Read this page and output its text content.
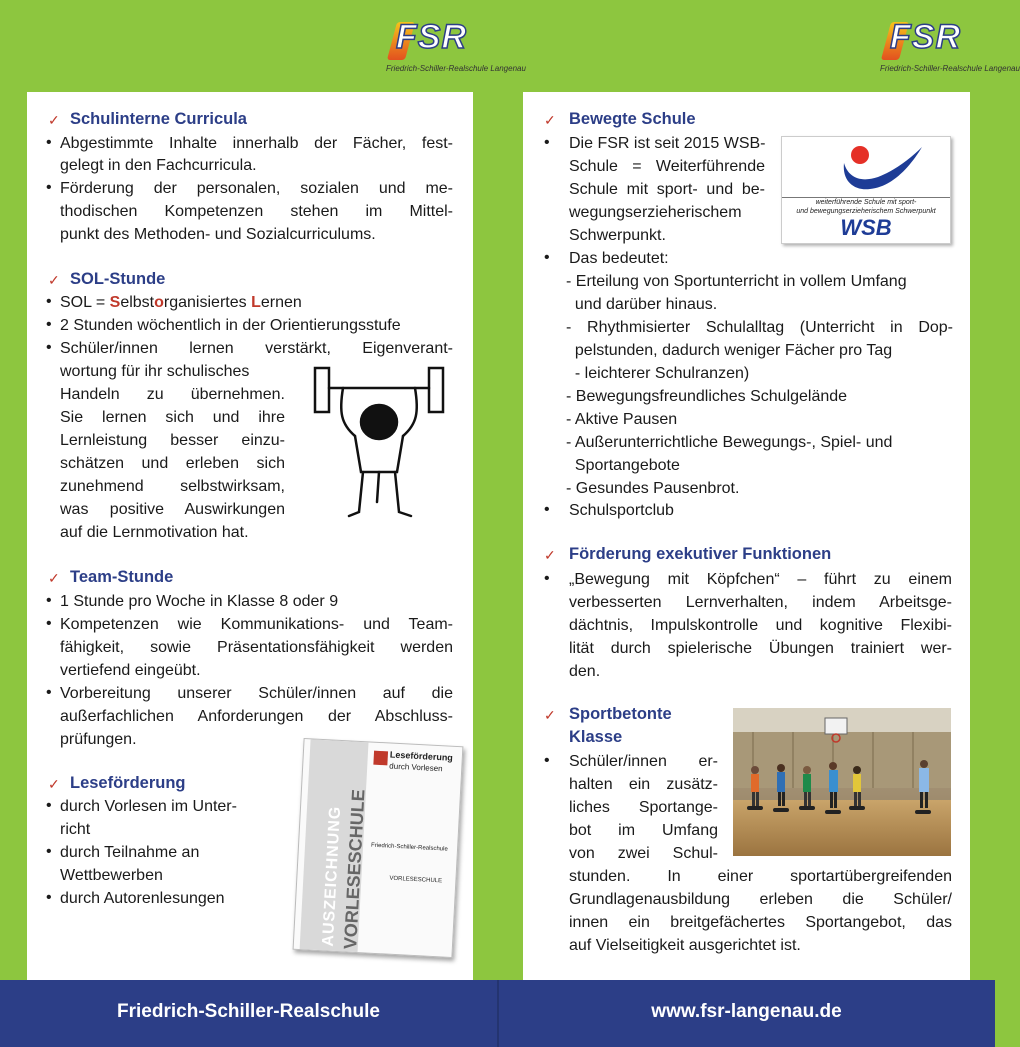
FSR
Friedrich-Schiller-Realschule Langenau
FSR
Friedrich-Schiller-Realschule Langenau
✓ Schulinterne Curricula
• Abgestimmte Inhalte innerhalb der Fächer, fest-
gelegt in den Fachcurricula.
• Förderung der personalen, sozialen und me-
thodischen Kompetenzen stehen im Mittel-
punkt des Methoden- und Sozialcurriculums.
✓ SOL-Stunde
• SOL = Selbstorganisiertes Lernen
• 2 Stunden wöchentlich in der Orientierungsstufe
• Schüler/innen lernen verstärkt, Eigenverant-
wortung für ihr schulisches
Handeln zu übernehmen.
Sie lernen sich und ihre
Lernleistung besser einzu-
schätzen und erleben sich
zunehmend selbstwirksam,
was positive Auswirkungen
auf die Lernmotivation hat.
✓ Team-Stunde
• 1 Stunde pro Woche in Klasse 8 oder 9
• Kompetenzen wie Kommunikations- und Team-
fähigkeit, sowie Präsentationsfähigkeit werden
vertiefend eingeübt.
• Vorbereitung unserer Schüler/innen auf die
außerfachlichen Anforderungen der Abschluss-
prüfungen.
✓ Leseförderung
• durch Vorlesen im Unter-
richt
• durch Teilnahme an
Wettbewerben
• durch Autorenlesungen	AUSZEICHNUNG
VORLESESCHULE
Leseförderung
durch Vorlesen
Friedrich-Schiller-Realschule
VORLESESCHULE
✓ Bewegte Schule
• Die FSR ist seit 2015 WSB-
Schule = Weiterführende
Schule mit sport- und be-
wegungserzieherischem
Schwerpunkt.
• Das bedeutet:
- Erteilung von Sportunterricht in vollem Umfang
und darüber hinaus.
- Rhythmisierter Schulalltag (Unterricht in Dop-
pelstunden, dadurch weniger Fächer pro Tag
- leichterer Schulranzen)
- Bewegungsfreundliches Schulgelände
- Aktive Pausen
- Außerunterrichtliche Bewegungs-, Spiel- und
Sportangebote
- Gesundes Pausenbrot.
• Schulsportclub
weiterführende Schule mit sport-
und bewegungserzieherischem Schwerpunkt
WSB
✓ Förderung exekutiver Funktionen
• „Bewegung mit Köpfchen“ – führt zu einem
verbesserten Lernverhalten, indem Arbeitsge-
dächtnis, Impulskontrolle und kognitive Flexibi-
lität durch spielerische Übungen trainiert wer-
den.
✓ Sportbetonte
Klasse
• Schüler/innen er-
halten ein zusätz-
liches Sportange-
bot im Umfang
von zwei Schul-
stunden. In einer sportartübergreifenden
Grundlagenausbildung erleben die Schüler/
innen ein breitgefächertes Sportangebot, das
auf Vielseitigkeit ausgerichtet ist.
Friedrich-Schiller-Realschule	www.fsr-langenau.de
